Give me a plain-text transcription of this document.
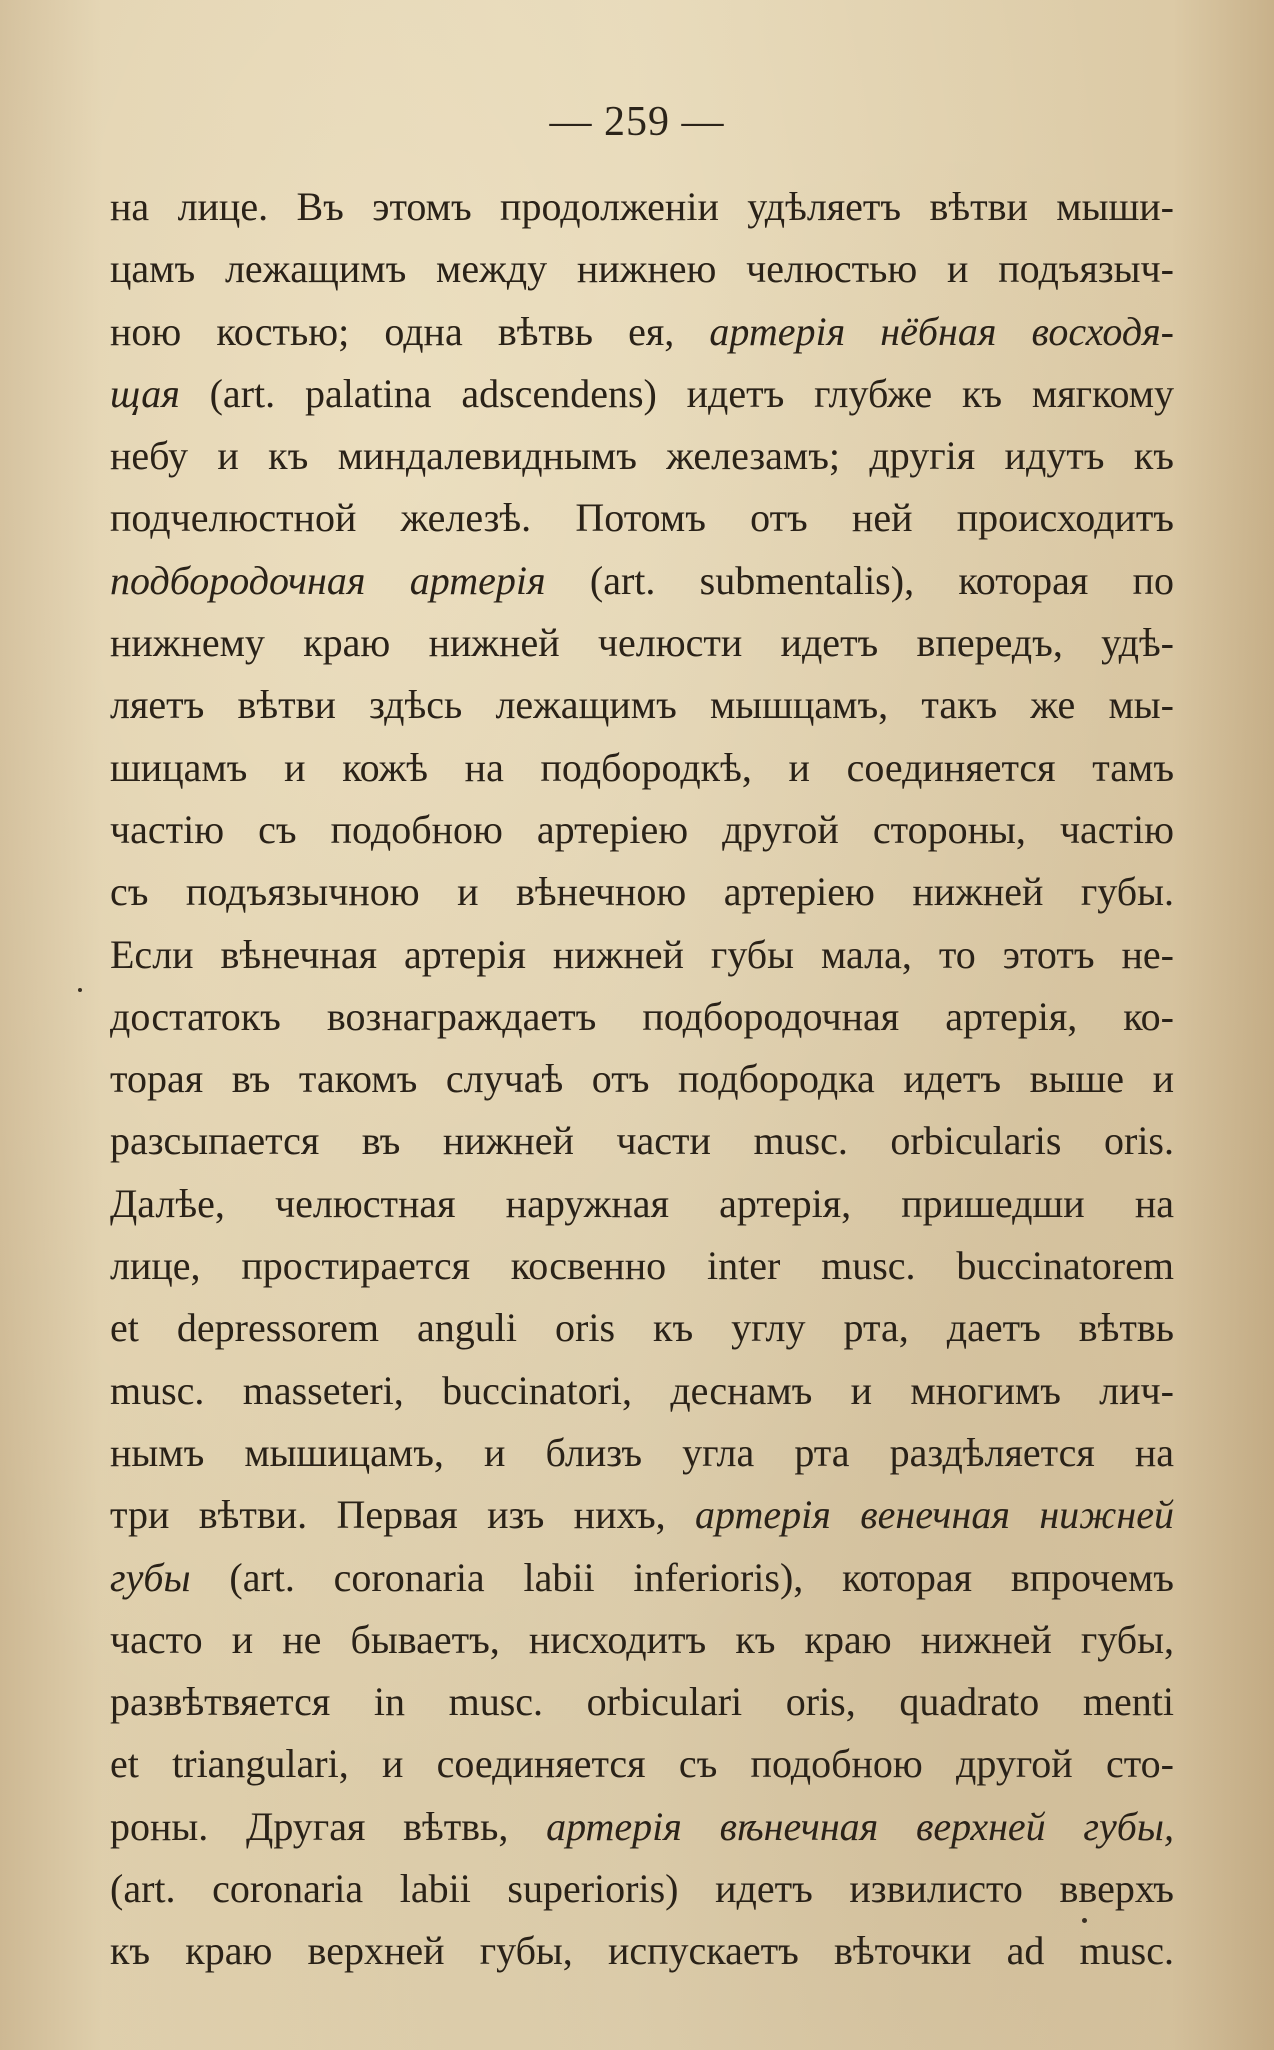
— 259 —
на лице. Въ этомъ продолженіи удѣляетъ вѣтви мыши-
цамъ лежащимъ между нижнею челюстью и подъязыч-
ною костью; одна вѣтвь ея, артерія нёбная восходя-
щая (art. palatina adscendens) идетъ глубже къ мягкому
небу и къ миндалевиднымъ железамъ; другія идутъ къ
подчелюстной железѣ. Потомъ отъ ней происходитъ
подбородочная артерія (art. submentalis), которая по
нижнему краю нижней челюсти идетъ впередъ, удѣ-
ляетъ вѣтви здѣсь лежащимъ мышцамъ, такъ же мы-
шицамъ и кожѣ на подбородкѣ, и соединяется тамъ
частію съ подобною артеріею другой стороны, частію
съ подъязычною и вѣнечною артеріею нижней губы.
Если вѣнечная артерія нижней губы мала, то этотъ не-
достатокъ вознаграждаетъ подбородочная артерія, ко-
торая въ такомъ случаѣ отъ подбородка идетъ выше и
разсыпается въ нижней части musc. orbicularis oris.
Далѣе, челюстная наружная артерія, пришедши на
лице, простирается косвенно inter musc. buccinatorem
et depressorem anguli oris къ углу рта, даетъ вѣтвь
musc. masseteri, buccinatori, деснамъ и многимъ лич-
нымъ мышицамъ, и близъ угла рта раздѣляется на
три вѣтви. Первая изъ нихъ, артерія венечная нижней
губы (art. coronaria labii inferioris), которая впрочемъ
часто и не бываетъ, нисходитъ къ краю нижней губы,
развѣтвяется in musc. orbiculari oris, quadrato menti
et triangulari, и соединяется съ подобною другой сто-
роны. Другая вѣтвь, артерія вѣнечная верхней губы,
(art. coronaria labii superioris) идетъ извилисто вверхъ
къ краю верхней губы, испускаетъ вѣточки ad musc.
